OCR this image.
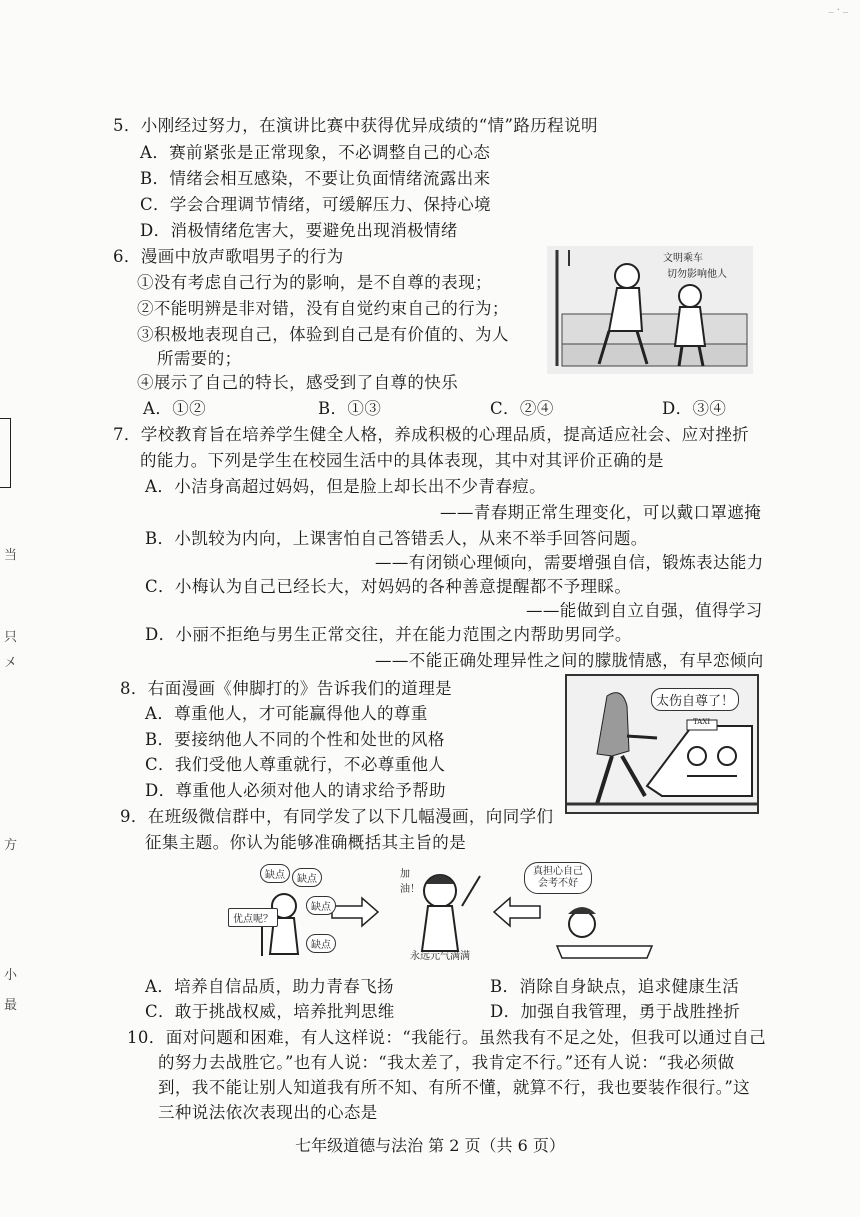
_ . _
当
只
㐅
方
小
最
5．小刚经过努力，在演讲比赛中获得优异成绩的“情”路历程说明
A．赛前紧张是正常现象，不必调整自己的心态
B．情绪会相互感染，不要让负面情绪流露出来
C．学会合理调节情绪，可缓解压力、保持心境
D．消极情绪危害大，要避免出现消极情绪
6．漫画中放声歌唱男子的行为
①没有考虑自己行为的影响，是不自尊的表现；
②不能明辨是非对错，没有自觉约束自己的行为；
③积极地表现自己，体验到自己是有价值的、为人
所需要的；
④展示了自己的特长，感受到了自尊的快乐
A．①②	B．①③	C．②④	D．③④
文明乘车
切勿影响他人
7．学校教育旨在培养学生健全人格，养成积极的心理品质，提高适应社会、应对挫折
的能力。下列是学生在校园生活中的具体表现，其中对其评价正确的是
A．小洁身高超过妈妈，但是脸上却长出不少青春痘。
——青春期正常生理变化，可以戴口罩遮掩
B．小凯较为内向，上课害怕自己答错丢人，从来不举手回答问题。
——有闭锁心理倾向，需要增强自信，锻炼表达能力
C．小梅认为自己已经长大，对妈妈的各种善意提醒都不予理睬。
——能做到自立自强，值得学习
D．小丽不拒绝与男生正常交往，并在能力范围之内帮助男同学。
——不能正确处理异性之间的朦胧情感，有早恋倾向
8．右面漫画《伸脚打的》告诉我们的道理是
A．尊重他人，才可能赢得他人的尊重
B．要接纳他人不同的个性和处世的风格
C．我们受他人尊重就行，不必尊重他人
D．尊重他人必须对他人的请求给予帮助
太伤自尊了！
TAXI
9．在班级微信群中，有同学发了以下几幅漫画，向同学们
征集主题。你认为能够准确概括其主旨的是
缺点	缺点
优点呢？
缺点
缺点
加油！
永远元气满满
真担心自己
会考不好
A．培养自信品质，助力青春飞扬	B．消除自身缺点，追求健康生活
C．敢于挑战权威，培养批判思维	D．加强自我管理，勇于战胜挫折
10．面对问题和困难，有人这样说：“我能行。虽然我有不足之处，但我可以通过自己
的努力去战胜它。”也有人说：“我太差了，我肯定不行。”还有人说：“我必须做
到，我不能让别人知道我有所不知、有所不懂，就算不行，我也要装作很行。”这
三种说法依次表现出的心态是
七年级道德与法治 第 2 页（共 6 页）
